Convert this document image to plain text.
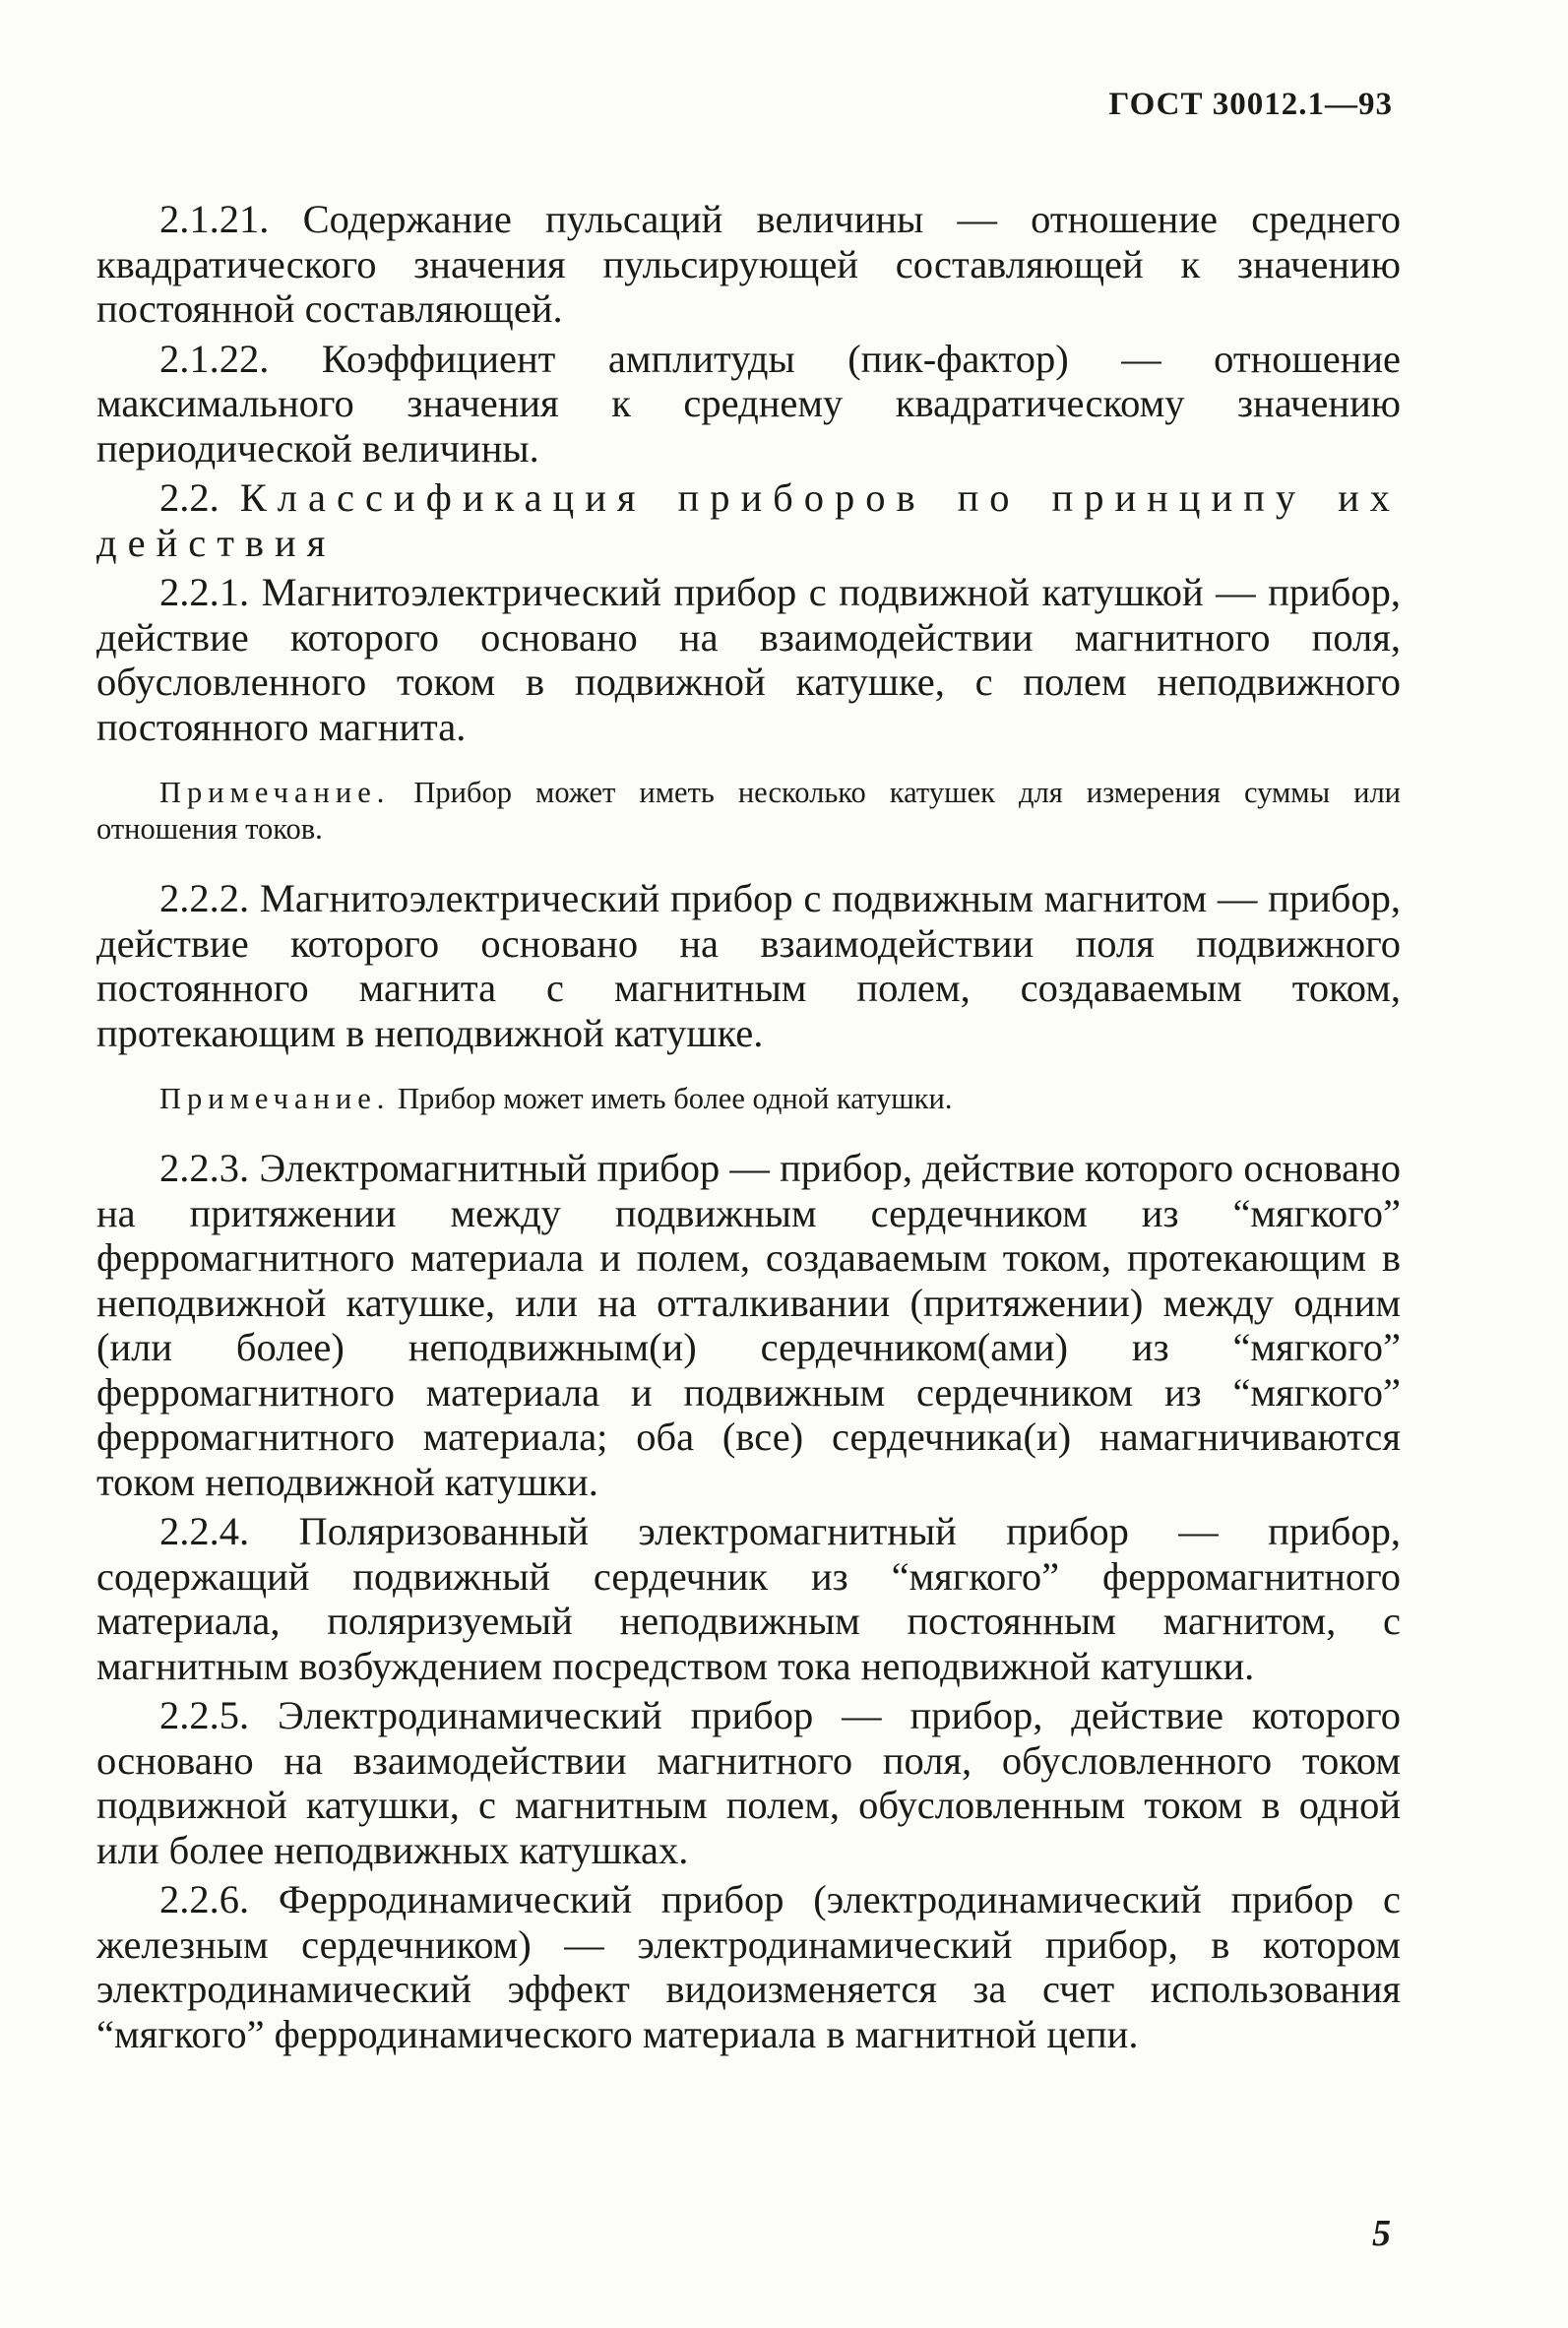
ГОСТ 30012.1—93

2.1.21. Содержание пульсаций величины — отношение среднего квадратического значения пульсирующей составляющей к значению постоянной составляющей.

2.1.22. Коэффициент амплитуды (пик-фактор) — отношение максимального значения к среднему квадратическому значению периодической величины.

2.2. Классификация приборов по принципу их действия

2.2.1. Магнитоэлектрический прибор с подвижной катушкой — прибор, действие которого основано на взаимодействии магнитного поля, обусловленного током в подвижной катушке, с полем неподвижного постоянного магнита.

Примечание. Прибор может иметь несколько катушек для измерения суммы или отношения токов.

2.2.2. Магнитоэлектрический прибор с подвижным магнитом — прибор, действие которого основано на взаимодействии поля подвижного постоянного магнита с магнитным полем, создаваемым током, протекающим в неподвижной катушке.

Примечание. Прибор может иметь более одной катушки.

2.2.3. Электромагнитный прибор — прибор, действие которого основано на притяжении между подвижным сердечником из “мягкого” ферромагнитного материала и полем, создаваемым током, протекающим в неподвижной катушке, или на отталкивании (притяжении) между одним (или более) неподвижным(и) сердечником(ами) из “мягкого” ферромагнитного материала и подвижным сердечником из “мягкого” ферромагнитного материала; оба (все) сердечника(и) намагничиваются током неподвижной катушки.

2.2.4. Поляризованный электромагнитный прибор — прибор, содержащий подвижный сердечник из “мягкого” ферромагнитного материала, поляризуемый неподвижным постоянным магнитом, с магнитным возбуждением посредством тока неподвижной катушки.

2.2.5. Электродинамический прибор — прибор, действие которого основано на взаимодействии магнитного поля, обусловленного током подвижной катушки, с магнитным полем, обусловленным током в одной или более неподвижных катушках.

2.2.6. Ферродинамический прибор (электродинамический прибор с железным сердечником) — электродинамический прибор, в котором электродинамический эффект видоизменяется за счет использования “мягкого” ферродинамического материала в магнитной цепи.

5
